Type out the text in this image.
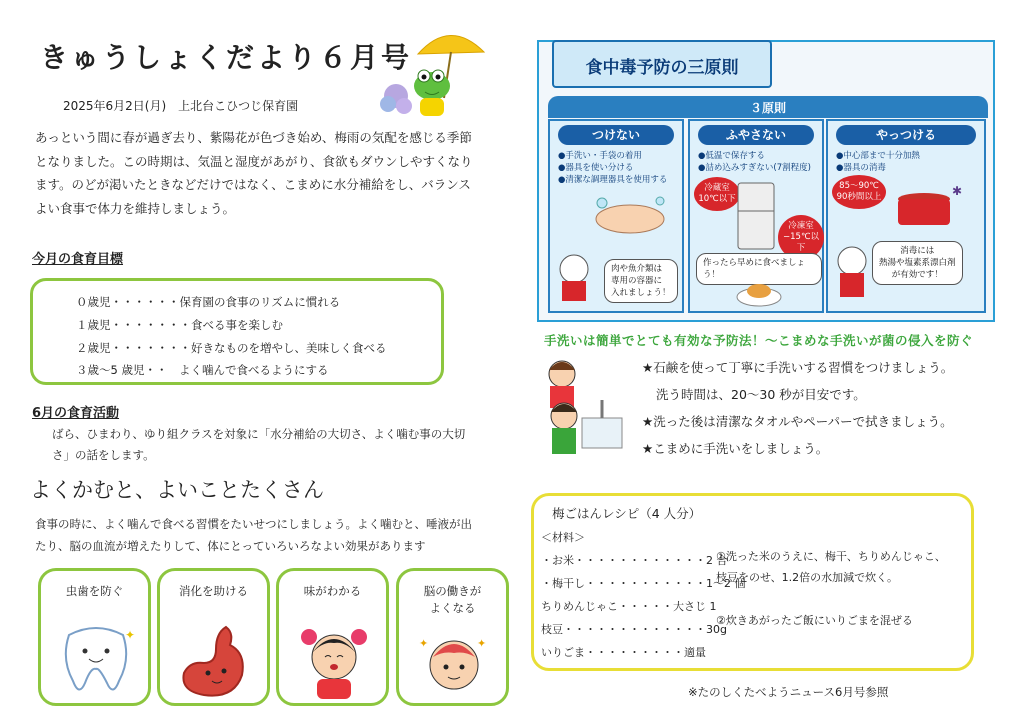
きゅうしょくだより６月号
2025年6月2日(月)　上北台こひつじ保育園
あっという間に春が過ぎ去り、紫陽花が色づき始め、梅雨の気配を感じる季節となりました。この時期は、気温と湿度があがり、食欲もダウンしやすくなります。のどが渇いたときなどだけではなく、こまめに水分補給をし、バランスよい食事で体力を維持しましょう。
今月の食育目標
０歳児・・・・・・保育園の食事のリズムに慣れる
１歳児・・・・・・・食べる事を楽しむ
２歳児・・・・・・・好きなものを増やし、美味しく食べる
３歳〜5 歳児・・　よく噛んで食べるようにする
6月の食育活動
ばら、ひまわり、ゆり組クラスを対象に「水分補給の大切さ、よく噛む事の大切さ」の話をします。
よくかむと、よいことたくさん
食事の時に、よく噛んで食べる習慣をたいせつにしましょう。よく噛むと、唾液が出たり、脳の血流が増えたりして、体にとっていろいろなよい効果があります
虫歯を防ぐ
✦
消化を助ける	味がわかる	脳の働きが
よくなる
✦	✦
食中毒予防の三原則
３原則
つけない
●手洗い・手袋の着用
●器具を使い分ける
●清潔な調理器具を使用する
肉や魚介類は
専用の容器に
入れましょう！
ふやさない
●低温で保存する
●詰め込みすぎない(7割程度)
冷蔵室
10℃以下
冷凍室
−15℃以下
作ったら早めに食べましょう！
やっつける
●中心部まで十分加熱
●器具の消毒
85〜90℃
90秒間以上	✱
消毒には
熱湯や塩素系漂白剤
が有効です！
手洗いは簡単でとても有効な予防法！〜こまめな手洗いが菌の侵入を防ぐ
★石鹸を使って丁寧に手洗いする習慣をつけましょう。
洗う時間は、20〜30 秒が目安です。
★洗った後は清潔なタオルやペーパーで拭きましょう。
★こまめに手洗いをしましょう。
梅ごはんレシピ（4 人分）
＜材料＞
・お米・・・・・・・・・・・・2 合
・梅干し・・・・・・・・・・・1〜2 個
ちりめんじゃこ・・・・・大さじ 1
枝豆・・・・・・・・・・・・・30g
いりごま・・・・・・・・・適量
①洗った米のうえに、梅干、ちりめんじゃこ、枝豆をのせ、1.2倍の水加減で炊く。
②炊きあがったご飯にいりごまを混ぜる
※たのしくたべようニュース6月号参照
